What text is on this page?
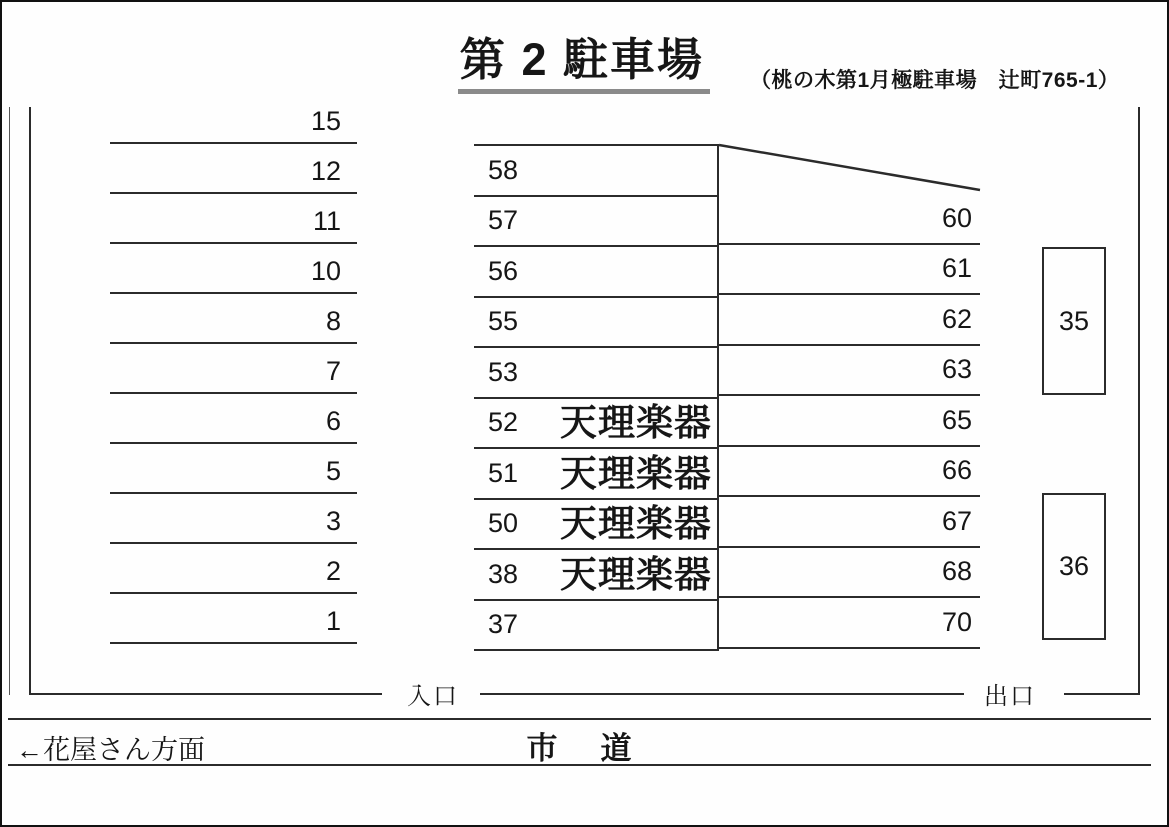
第 2 駐車場 （桃の木第1月極駐車場　辻町765-1）
入口	出口
15
12
11
10
8
7
6
5
3
2
1
58
57
56
55
53
52 天理楽器
51 天理楽器
50 天理楽器
38 天理楽器
37
60
61
62
63
65
66
67
68
70
35
36
←花屋さん方面	市　道
